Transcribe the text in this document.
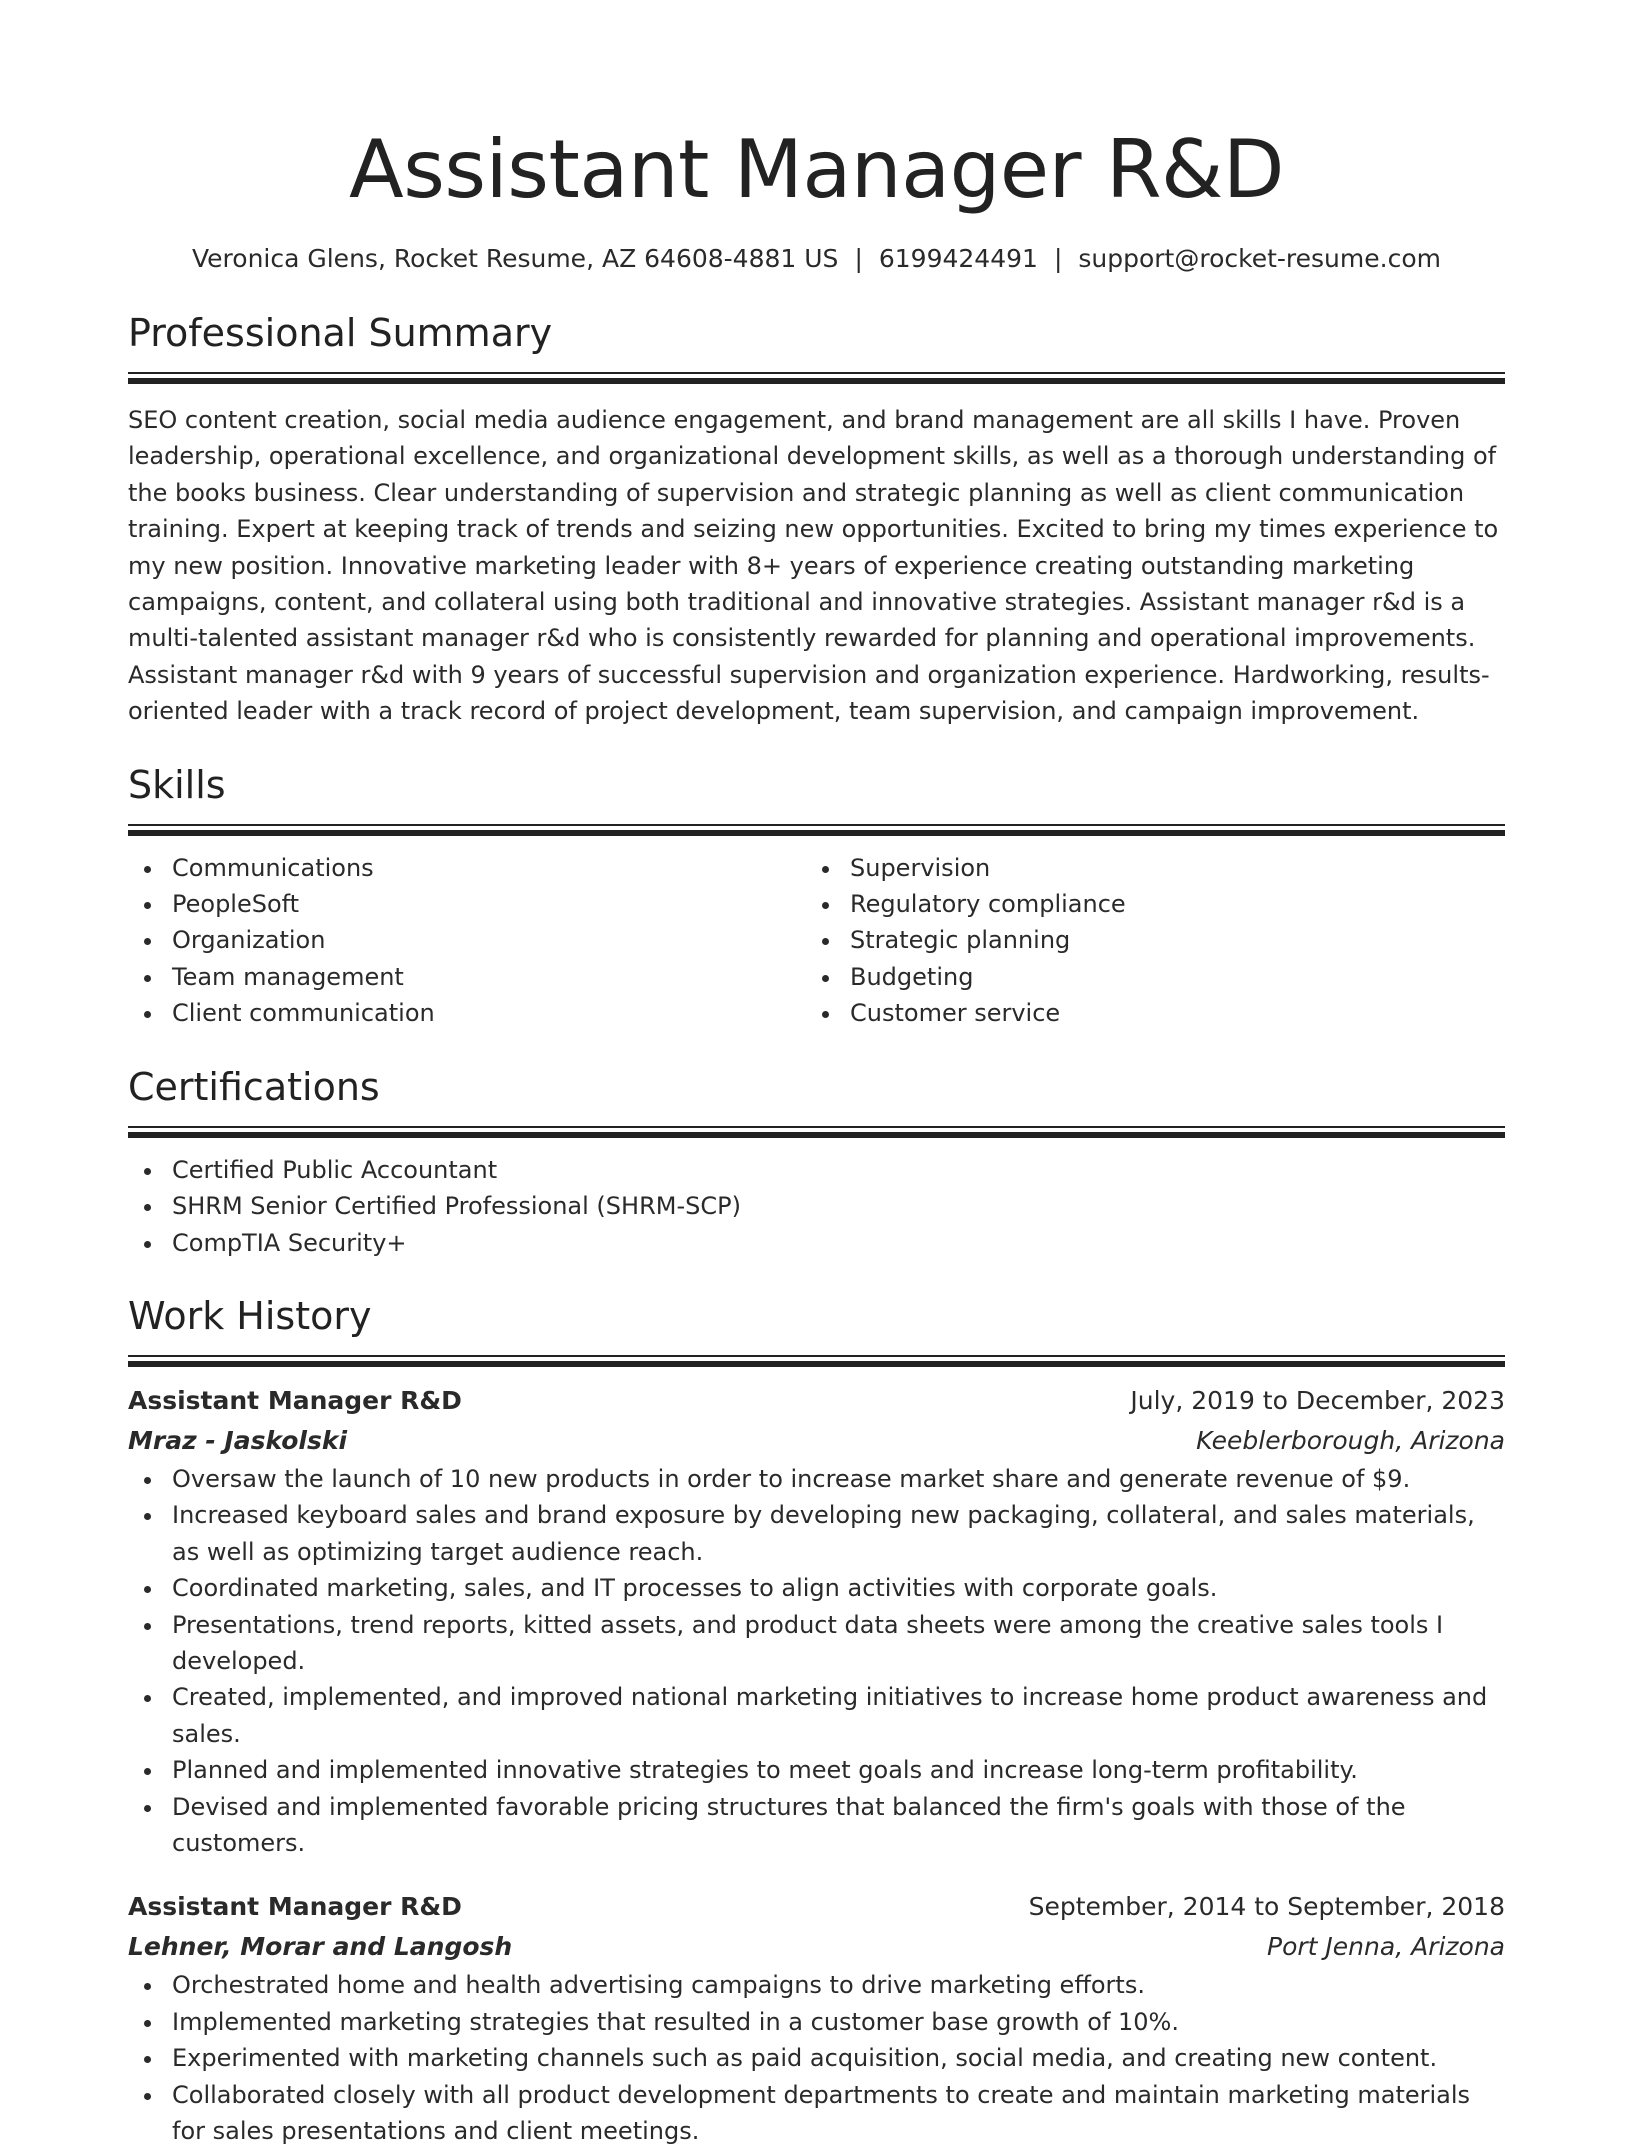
Assistant Manager R&D
Veronica Glens, Rocket Resume, AZ 64608-4881 US | 6199424491 | support@rocket-resume.com
Professional Summary

SEO content creation, social media audience engagement, and brand management are all skills I have. Proven leadership, operational excellence, and organizational development skills, as well as a thorough understanding of the books business. Clear understanding of supervision and strategic planning as well as client communication training. Expert at keeping track of trends and seizing new opportunities. Excited to bring my times experience to my new position. Innovative marketing leader with 8+ years of experience creating outstanding marketing campaigns, content, and collateral using both traditional and innovative strategies. Assistant manager r&d is a multi-talented assistant manager r&d who is consistently rewarded for planning and operational improvements. Assistant manager r&d with 9 years of successful supervision and organization experience. Hardworking, results-oriented leader with a track record of project development, team supervision, and campaign improvement.

Skills
Communications
PeopleSoft
Organization
Team management
Client communication
Supervision
Regulatory compliance
Strategic planning
Budgeting
Customer service
Certifications
Certified Public Accountant
SHRM Senior Certified Professional (SHRM-SCP)
CompTIA Security+
Work History
Assistant Manager R&D	July, 2019 to December, 2023
Mraz - Jaskolski	Keeblerborough, Arizona
Oversaw the launch of 10 new products in order to increase market share and generate revenue of $9.
Increased keyboard sales and brand exposure by developing new packaging, collateral, and sales materials, as well as optimizing target audience reach.
Coordinated marketing, sales, and IT processes to align activities with corporate goals.
Presentations, trend reports, kitted assets, and product data sheets were among the creative sales tools I developed.
Created, implemented, and improved national marketing initiatives to increase home product awareness and sales.
Planned and implemented innovative strategies to meet goals and increase long-term profitability.
Devised and implemented favorable pricing structures that balanced the firm's goals with those of the customers.
Assistant Manager R&D	September, 2014 to September, 2018
Lehner, Morar and Langosh	Port Jenna, Arizona
Orchestrated home and health advertising campaigns to drive marketing efforts.
Implemented marketing strategies that resulted in a customer base growth of 10%.
Experimented with marketing channels such as paid acquisition, social media, and creating new content.
Collaborated closely with all product development departments to create and maintain marketing materials for sales presentations and client meetings.
